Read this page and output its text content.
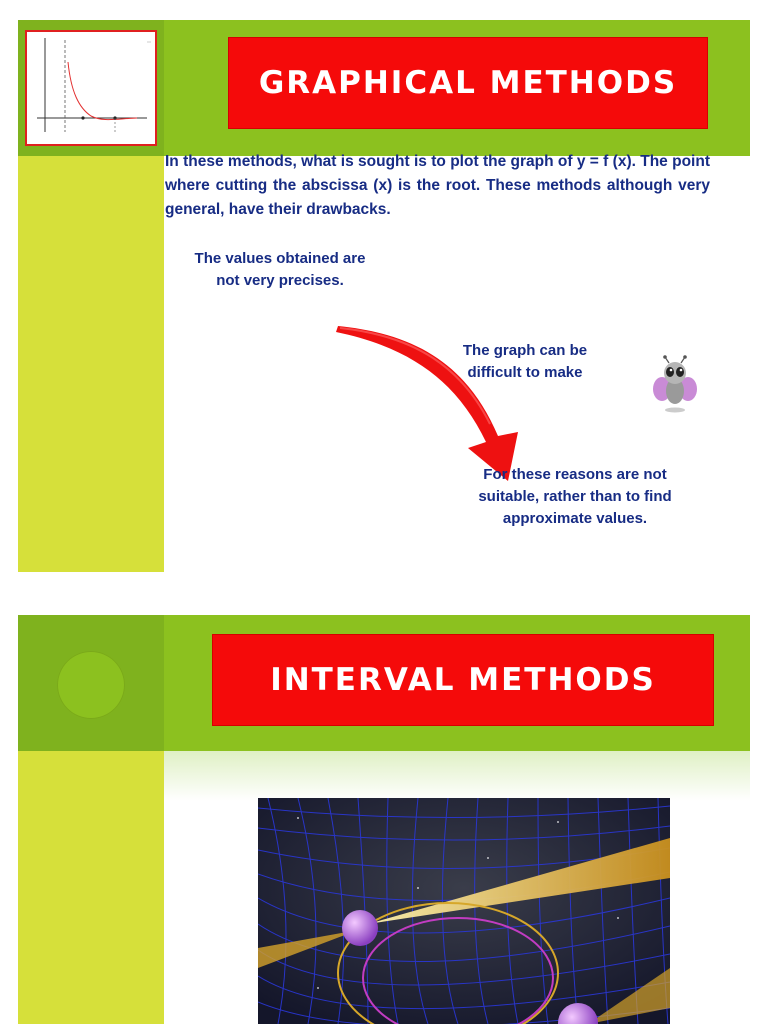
GRAPHICAL METHODS
In these methods, what is sought is to plot the graph of y = f (x). The point where cutting the abscissa (x) is the root. These methods although very general, have their drawbacks.
The values obtained are not very precises.
The graph can be difficult to make
For these reasons are not suitable, rather than to find approximate values.
INTERVAL METHODS
